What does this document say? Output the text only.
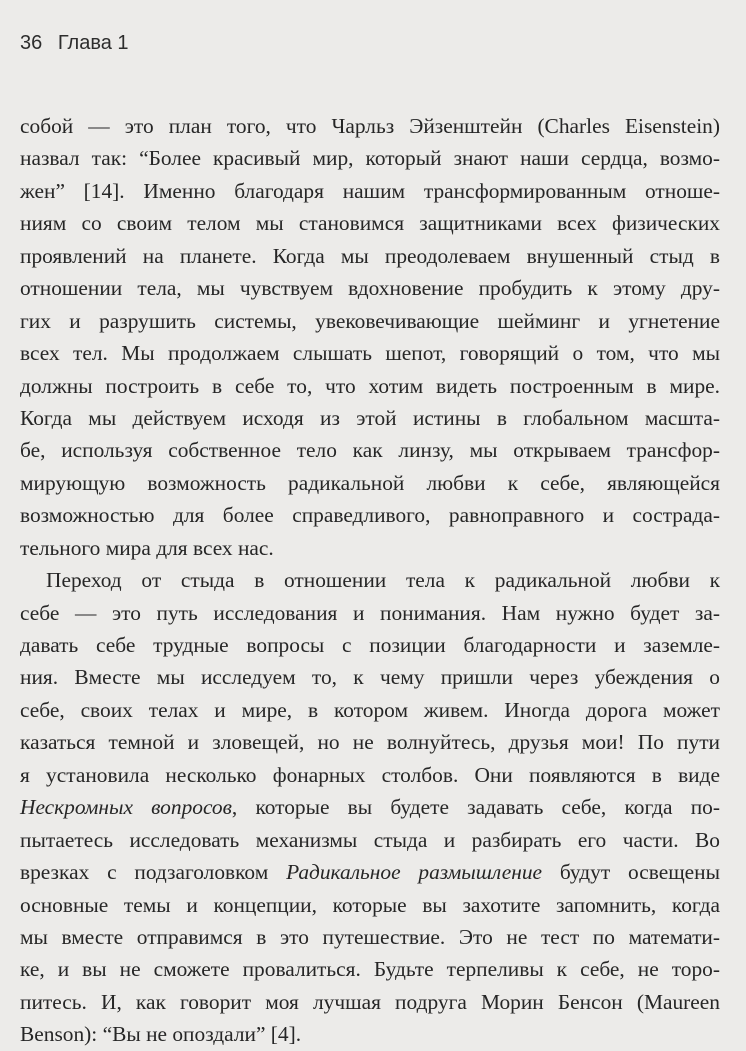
36 Глава 1
собой — это план того, что Чарльз Эйзенштейн (Charles Eisenstein)
назвал так: “Более красивый мир, который знают наши сердца, возмо-
жен” [14]. Именно благодаря нашим трансформированным отноше-
ниям со своим телом мы становимся защитниками всех физических
проявлений на планете. Когда мы преодолеваем внушенный стыд в
отношении тела, мы чувствуем вдохновение пробудить к этому дру-
гих и разрушить системы, увековечивающие шейминг и угнетение
всех тел. Мы продолжаем слышать шепот, говорящий о том, что мы
должны построить в себе то, что хотим видеть построенным в мире.
Когда мы действуем исходя из этой истины в глобальном масшта-
бе, используя собственное тело как линзу, мы открываем трансфор-
мирующую возможность радикальной любви к себе, являющейся
возможностью для более справедливого, равноправного и сострада-
тельного мира для всех нас.
Переход от стыда в отношении тела к радикальной любви к
себе — это путь исследования и понимания. Нам нужно будет за-
давать себе трудные вопросы с позиции благодарности и заземле-
ния. Вместе мы исследуем то, к чему пришли через убеждения о
себе, своих телах и мире, в котором живем. Иногда дорога может
казаться темной и зловещей, но не волнуйтесь, друзья мои! По пути
я установила несколько фонарных столбов. Они появляются в виде
Нескромных вопросов, которые вы будете задавать себе, когда по-
пытаетесь исследовать механизмы стыда и разбирать его части. Во
врезках с подзаголовком Радикальное размышление будут освещены
основные темы и концепции, которые вы захотите запомнить, когда
мы вместе отправимся в это путешествие. Это не тест по математи-
ке, и вы не сможете провалиться. Будьте терпеливы к себе, не торо-
питесь. И, как говорит моя лучшая подруга Морин Бенсон (Maureen
Benson): “Вы не опоздали” [4].
